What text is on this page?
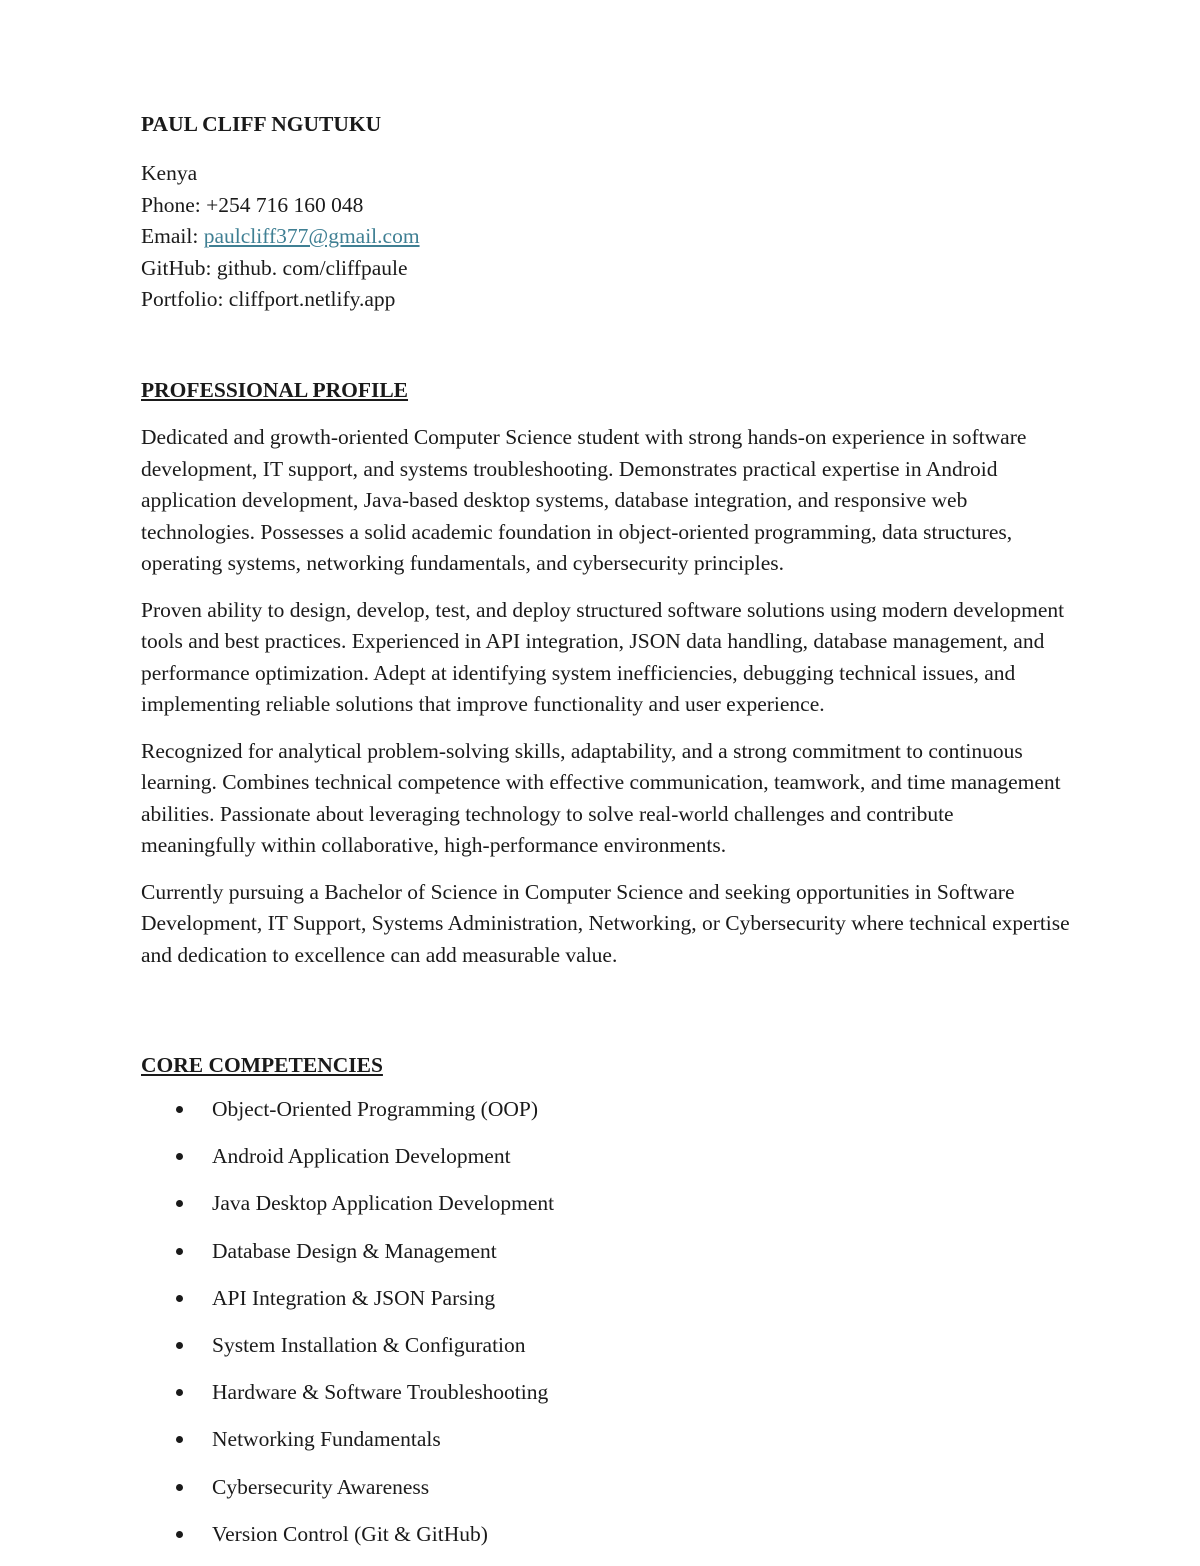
PAUL CLIFF NGUTUKU
Kenya
Phone: +254 716 160 048
Email: paulcliff377@gmail.com
GitHub: github. com/cliffpaule
Portfolio: cliffport.netlify.app
PROFESSIONAL PROFILE

Dedicated and growth-oriented Computer Science student with strong hands-on experience in software development, IT support, and systems troubleshooting. Demonstrates practical expertise in Android application development, Java-based desktop systems, database integration, and responsive web technologies. Possesses a solid academic foundation in object-oriented programming, data structures, operating systems, networking fundamentals, and cybersecurity principles.

Proven ability to design, develop, test, and deploy structured software solutions using modern development tools and best practices. Experienced in API integration, JSON data handling, database management, and performance optimization. Adept at identifying system inefficiencies, debugging technical issues, and implementing reliable solutions that improve functionality and user experience.

Recognized for analytical problem-solving skills, adaptability, and a strong commitment to continuous learning. Combines technical competence with effective communication, teamwork, and time management abilities. Passionate about leveraging technology to solve real-world challenges and contribute meaningfully within collaborative, high-performance environments.

Currently pursuing a Bachelor of Science in Computer Science and seeking opportunities in Software Development, IT Support, Systems Administration, Networking, or Cybersecurity where technical expertise and dedication to excellence can add measurable value.

CORE COMPETENCIES
Object-Oriented Programming (OOP)
Android Application Development
Java Desktop Application Development
Database Design & Management
API Integration & JSON Parsing
System Installation & Configuration
Hardware & Software Troubleshooting
Networking Fundamentals
Cybersecurity Awareness
Version Control (Git & GitHub)
